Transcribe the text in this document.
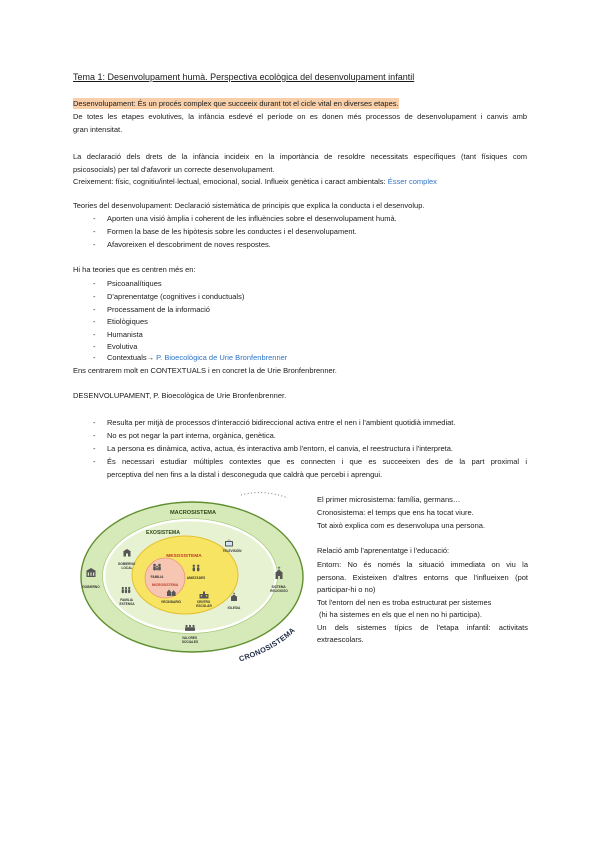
Tema 1: Desenvolupament humà. Perspectiva ecològica del desenvolupament infantil
Desenvolupament: És un procés complex que succeeix durant tot el cicle vital en diverses etapes.
De totes les etapes evolutives, la infància esdevé el període on es donen més processos de desenvolupament i canvis amb
gran intensitat.
La declaració dels drets de la infància incideix en la importància de resoldre necessitats específiques (tant físiques com
psicosocials) per tal d'afavorir un correcte desenvolupament.
Creixement: físic, cognitiu/intel·lectual, emocional, social. Influeix genètica i caract ambientals: Ésser complex
Teories del desenvolupament: Declaració sistemàtica de principis que explica la conducta i el desenvolup.
- Aporten una visió àmplia i coherent de les influències sobre el desenvolupament humà.
- Formen la base de les hipòtesis sobre les conductes i el desenvolupament.
- Afavoreixen el descobriment de noves respostes.
Hi ha teories que es centren més en:
- Psicoanalítiques
- D'aprenentatge (cognitives i conductuals)
- Processament de la informació
- Etiològiques
- Humanista
- Evolutiva
- Contextuals→ P. Bioecològica de Urie Bronfenbrenner
Ens centrarem molt en CONTEXTUALS i en concret la de Urie Bronfenbrenner.
DESENVOLUPAMENT, P. Bioecològica de Urie Bronfenbrenner.
- Resulta per mitjà de processos d'interacció bidireccional activa entre el nen i l'ambient quotidià immediat.
- No es pot negar la part interna, orgànica, genètica.
- La persona es dinàmica, activa, actua, és interactiva amb l'entorn, el canvia, el reestructura i l'interpreta.
- És necessari estudiar múltiples contextes que es connecten i que es succeeixen des de la part proximal i
perceptiva del nen fins a la distal i desconeguda que caldrà que percebi i aprengui.
MACROSISTEMA
EXOSISTEMA
MESOSISTEMA
MICROSISTEMA
GOBIERNO
GOBIERNO LOCAL
FAMILIA	AMISTADES
TELEVISIÓN
FAMILIA EXTENSA
VECINDARIO	CENTRO ESCOLAR	IGLESIA
SISTEMA RELIGIOSO
VALORES SOCIALES
CRONOSISTEMA
El primer microsistema: família, germans…
Cronosistema: el temps que ens ha tocat viure.
Tot això explica com es desenvolupa una persona.
Relació amb l'aprenentatge i l'educació:
Entorn: No és només la situació immediata on viu la
persona. Existeixen d'altres entorns que l'influeixen (pot
participar-hi o no)
Tot l'entorn del nen es troba estructurat per sistemes
(hi ha sistemes en els que el nen no hi participa).
Un dels sistemes típics de l'etapa infantil: activitats
extraescolars.
